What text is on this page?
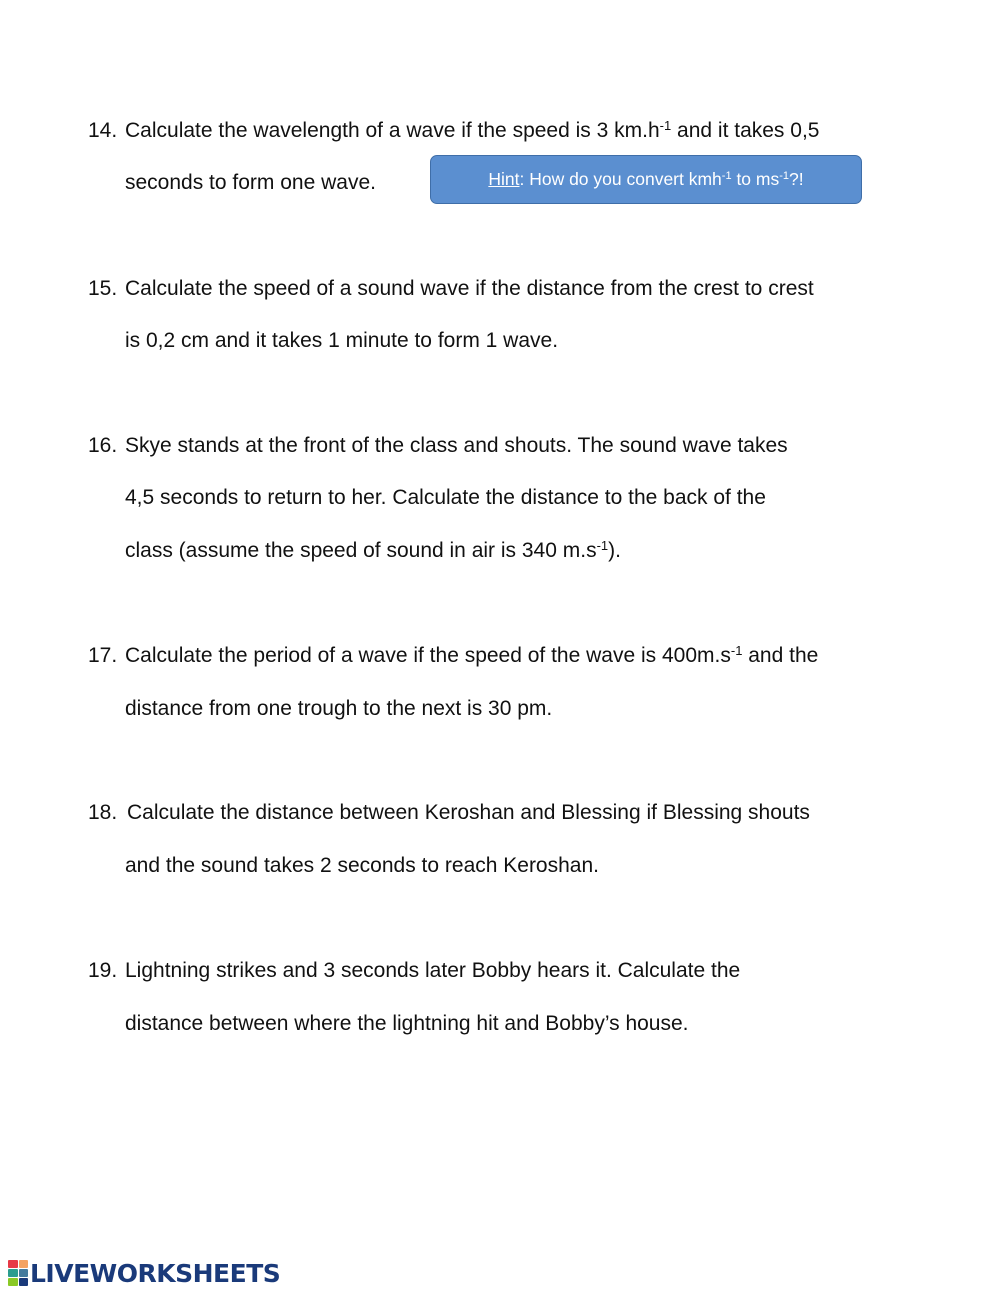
14. Calculate the wavelength of a wave if the speed is 3 $km.h^{-1}$ and it takes 0,5

seconds to form one wave.	Hint: How do you convert kmh$^{-1}$ to $ms^{-1}$?!
15. Calculate the speed of a sound wave if the distance from the crest to crest

is 0,2 cm and it takes 1 minute to form 1 wave.

16. Skye stands at the front of the class and shouts. The sound wave takes

4,5 seconds to return to her. Calculate the distance to the back of the

class (assume the speed of sound in air is 340 $m.s^{-1}$).

17. Calculate the period of a wave if the speed of the wave is $400m.s^{-1}$ and the

distance from one trough to the next is 30 pm.

18. Calculate the distance between Keroshan and Blessing if Blessing shouts

and the sound takes 2 seconds to reach Keroshan.

19. Lightning strikes and 3 seconds later Bobby hears it. Calculate the

distance between where the lightning hit and Bobby’s house.

LIVEWORKSHEETS
